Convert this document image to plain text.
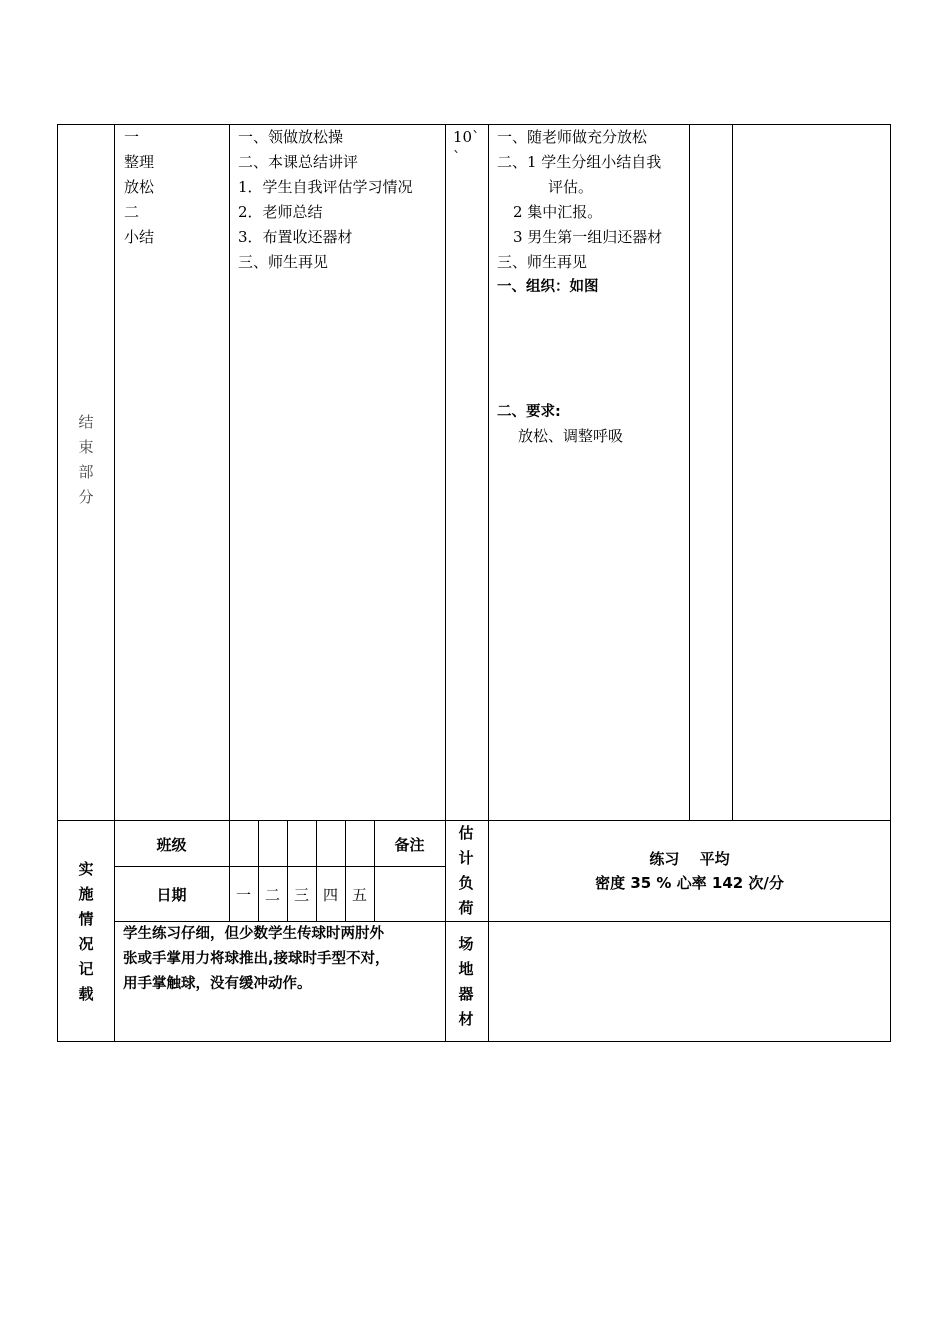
结
束
部
分
一
整理
放松
二
小结
一、领做放松操
二、本课总结讲评
1．学生自我评估学习情况
2．老师总结
3．布置收还器材
三、师生再见
10`
`
一、随老师做充分放松
二、1 学生分组小结自我
评估。
2 集中汇报。
3 男生第一组归还器材
三、师生再见
一、组织：如图
二、要求:
放松、调整呼吸
实
施
情
况
记
载
班级	备注
日期	一 二 三 四 五
估
计
负
荷
练习　 平均
密度 35 % 心率 142 次/分
学生练习仔细，但少数学生传球时两肘外
张或手掌用力将球推出,接球时手型不对，
用手掌触球，没有缓冲动作。
场
地
器
材
